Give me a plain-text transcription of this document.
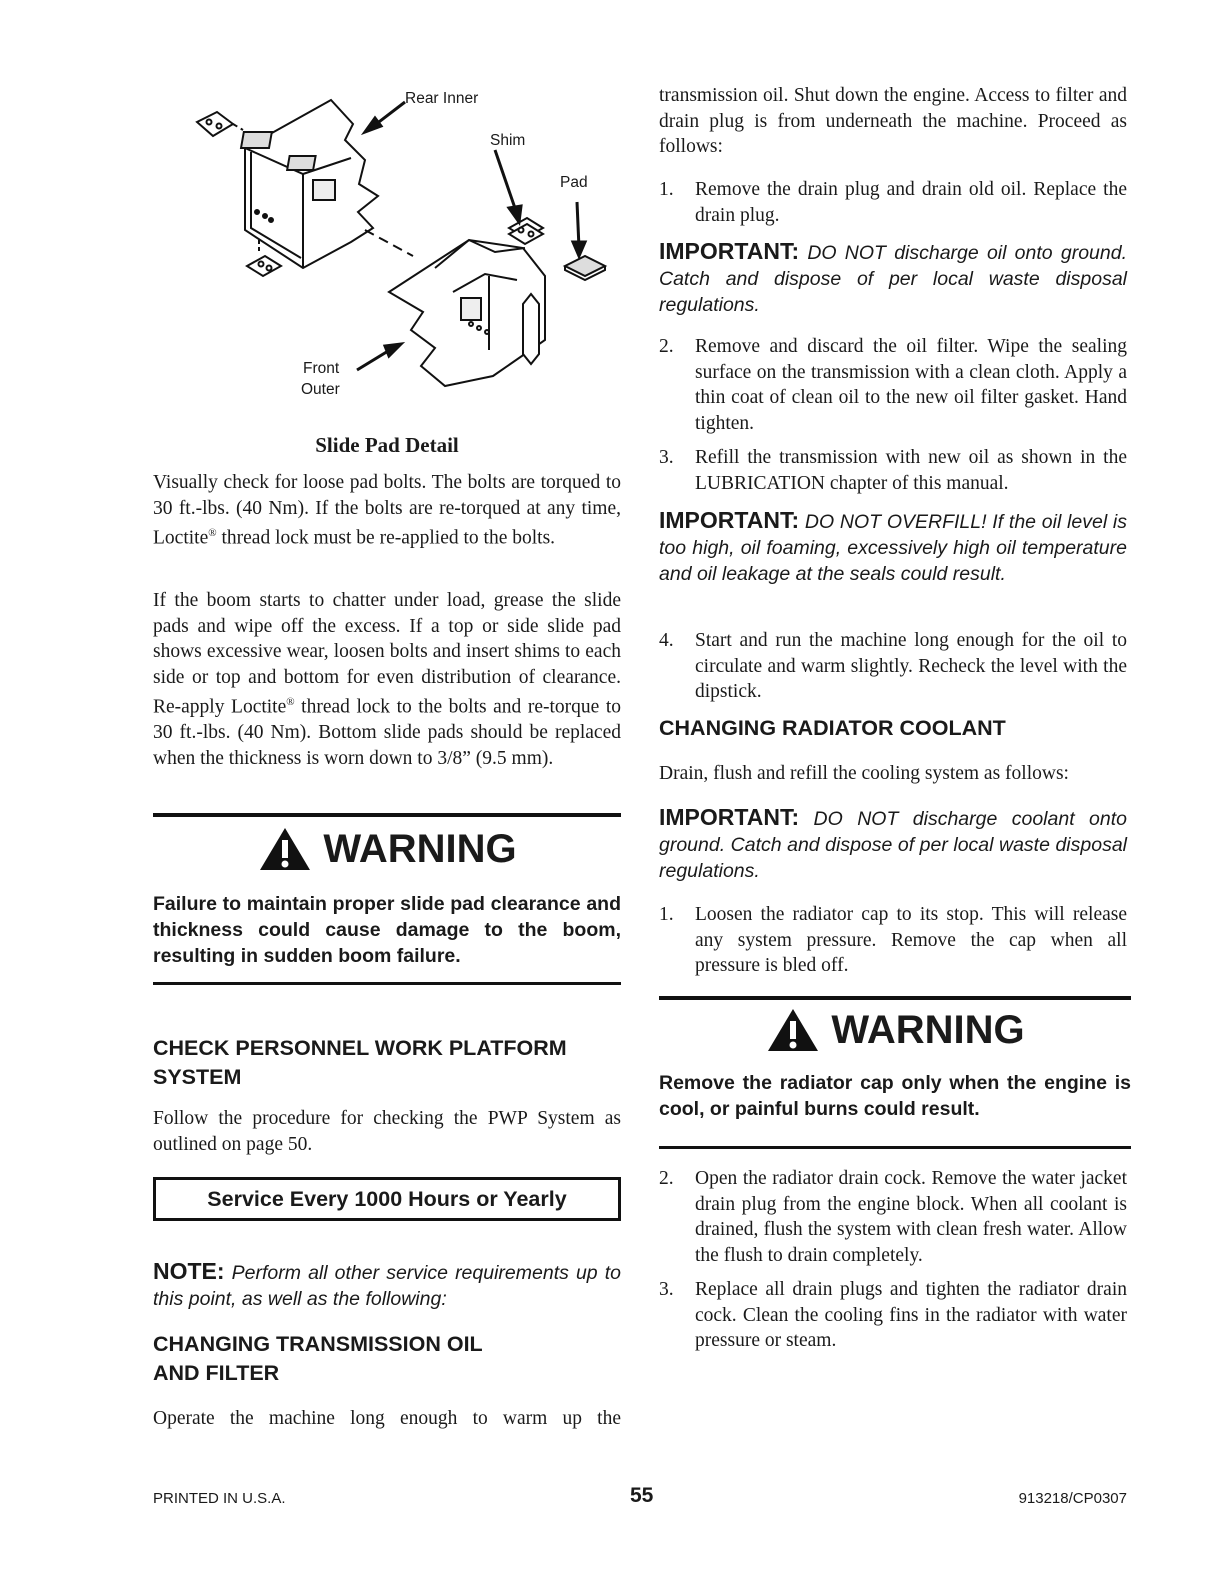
Rear Inner
Shim
Pad
Front
Outer
Slide Pad Detail

Visually check for loose pad bolts. The bolts are torqued to 30 ft.-lbs. (40 Nm). If the bolts are re-torqued at any time, Loctite® thread lock must be re-applied to the bolts.

If the boom starts to chatter under load, grease the slide pads and wipe off the excess. If a top or side slide pad shows excessive wear, loosen bolts and insert shims to each side or top and bottom for even distribution of clearance. Re-apply Loctite® thread lock to the bolts and re-torque to 30 ft.-lbs. (40 Nm). Bottom slide pads should be replaced when the thickness is worn down to 3/8” (9.5 mm).

WARNING
Failure to maintain proper slide pad clearance and thickness could cause damage to the boom, resulting in sudden boom failure.
CHECK PERSONNEL WORK PLATFORM
SYSTEM

Follow the procedure for checking the PWP System as outlined on page 50.

Service Every 1000 Hours or Yearly

NOTE: Perform all other service requirements up to this point, as well as the following:

CHANGING TRANSMISSION OIL
AND FILTER

Operate the machine long enough to warm up the

transmission oil. Shut down the engine. Access to filter and drain plug is from underneath the machine. Proceed as follows:

1. Remove the drain plug and drain old oil. Replace the drain plug.

IMPORTANT: DO NOT discharge oil onto ground. Catch and dispose of per local waste disposal regulations.

2. Remove and discard the oil filter. Wipe the sealing surface on the transmission with a clean cloth. Apply a thin coat of clean oil to the new oil filter gasket. Hand tighten.
3. Refill the transmission with new oil as shown in the LUBRICATION chapter of this manual.

IMPORTANT: DO NOT OVERFILL! If the oil level is too high, oil foaming, excessively high oil temperature and oil leakage at the seals could result.

4. Start and run the machine long enough for the oil to circulate and warm slightly. Recheck the level with the dipstick.
CHANGING RADIATOR COOLANT

Drain, flush and refill the cooling system as follows:

IMPORTANT: DO NOT discharge coolant onto ground. Catch and dispose of per local waste disposal regulations.

1. Loosen the radiator cap to its stop. This will release any system pressure. Remove the cap when all pressure is bled off.
WARNING
Remove the radiator cap only when the engine is cool, or painful burns could result.
2. Open the radiator drain cock. Remove the water jacket drain plug from the engine block. When all coolant is drained, flush the system with clean fresh water. Allow the flush to drain completely.
3. Replace all drain plugs and tighten the radiator drain cock. Clean the cooling fins in the radiator with water pressure or steam.
PRINTED IN U.S.A.	55	913218/CP0307
